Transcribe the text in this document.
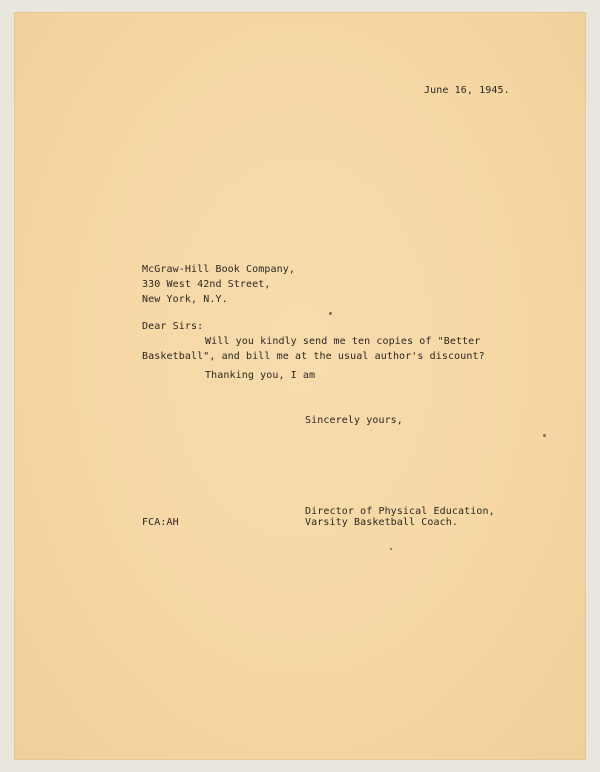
June 16, 1945.
McGraw-Hill Book Company,
330 West 42nd Street,
New York, N.Y.
Dear Sirs:
Will you kindly send me ten copies of "Better
Basketball", and bill me at the usual author's discount?
Thanking you, I am
Sincerely yours,
Director of Physical Education,
FCA:AH	Varsity Basketball Coach.
